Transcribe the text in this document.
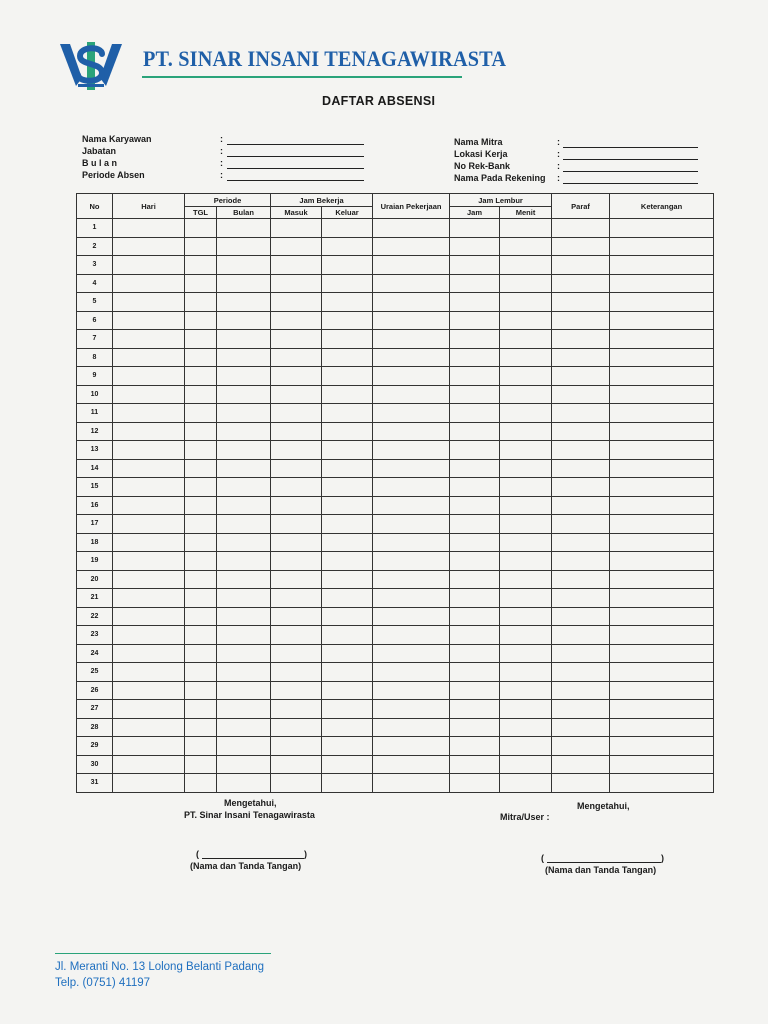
PT. SINAR INSANI TENAGAWIRASTA
DAFTAR ABSENSI
Nama Karyawan
Jabatan
B u l a n
Periode Absen
:
:
:
:
Nama Mitra
Lokasi Kerja
No Rek-Bank
Nama Pada Rekening
:
:
:
:
No	Hari	Periode		Jam Bekerja		Uraian Pekerjaan	Jam Lembur		Paraf	Keterangan
		TGL	Bulan	Masuk	Keluar		Jam	Menit		
1										
2										
3										
4										
5										
6										
7										
8										
9										
10										
11										
12										
13										
14										
15										
16										
17										
18										
19										
20										
21										
22										
23										
24										
25										
26										
27										
28										
29										
30										
31										
Mengetahui,
PT. Sinar Insani Tenagawirasta
(	)
(Nama dan Tanda Tangan)
Mengetahui,
Mitra/User :
(	)
(Nama dan Tanda Tangan)
Jl. Meranti No. 13 Lolong Belanti Padang
Telp. (0751) 41197
